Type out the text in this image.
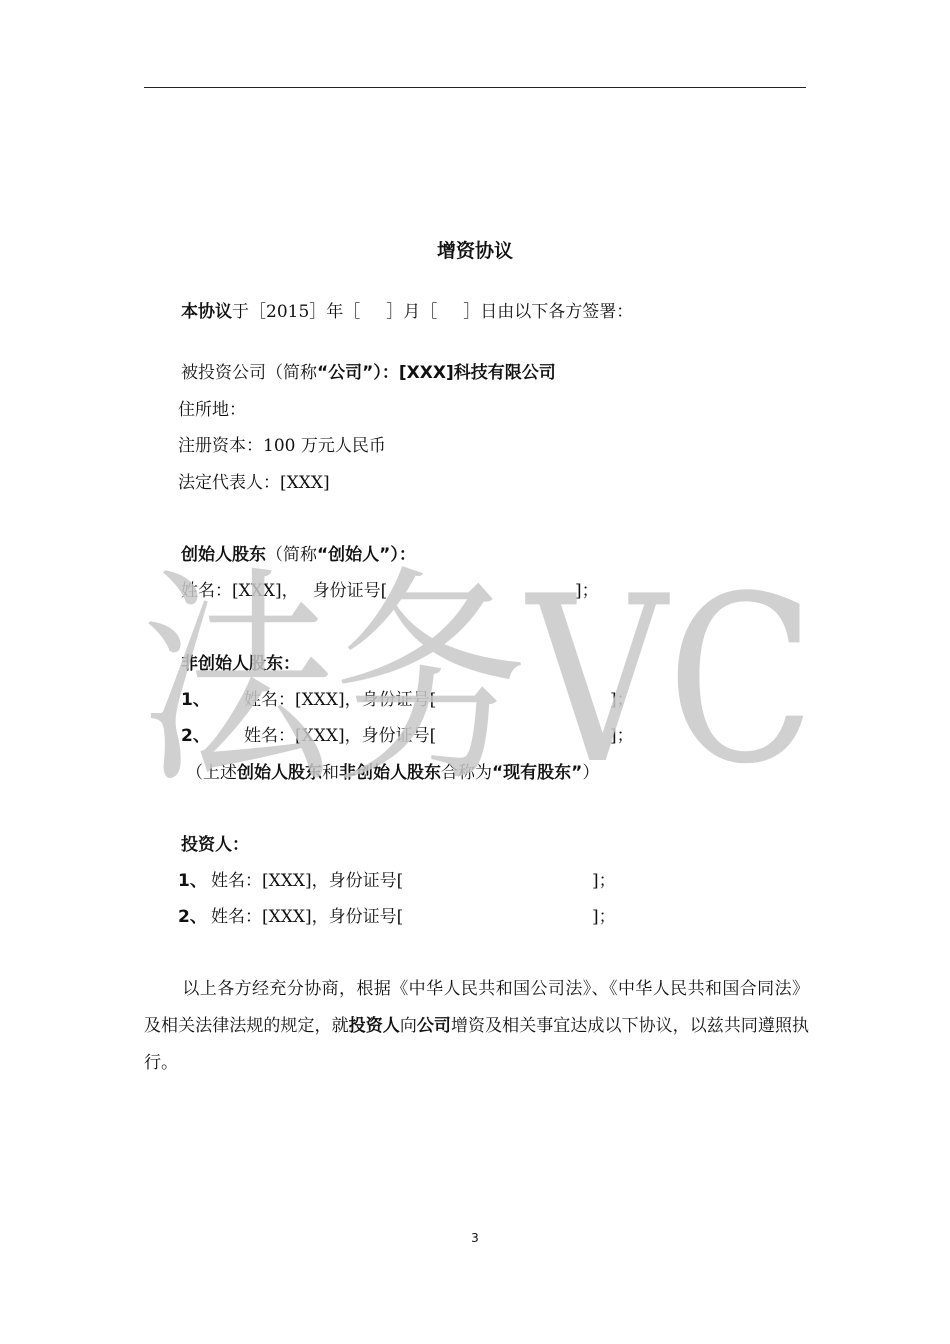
增资协议
本协议于［2015］年［ ］月［ ］日由以下各方签署：
被投资公司（简称“公司”）：[XXX]科技有限公司
住所地：
注册资本：100 万元人民币
法定代表人：[XXX]
创始人股东（简称“创始人”）：
姓名：[XXX]， 身份证号[	]；
非创始人股东：
1、 姓名：[XXX]，身份证号[	]；
2、 姓名：[XXX]，身份证号[	]；
（上述创始人股东和非创始人股东合称为“现有股东”）
投资人：
1、 姓名：[XXX]，身份证号[	]；
2、 姓名：[XXX]，身份证号[	]；
以上各方经充分协商，根据《中华人民共和国公司法》、《中华人民共和国合同法》及相关法律法规的规定，就投资人向公司增资及相关事宜达成以下协议，以兹共同遵照执行。
法务VC
3
